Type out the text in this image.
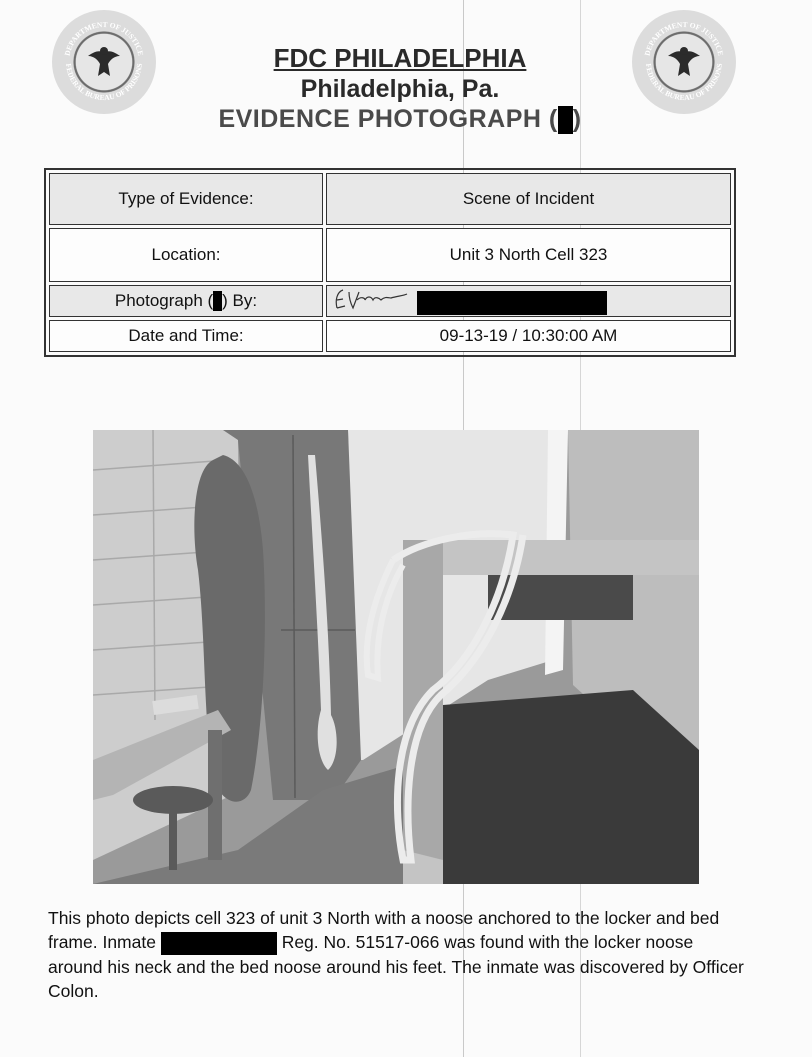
DEPARTMENT OF JUSTICE
FEDERAL BUREAU OF PRISONS
DEPARTMENT OF JUSTICE
FEDERAL BUREAU OF PRISONS
FDC PHILADELPHIA
Philadelphia, Pa.
EVIDENCE PHOTOGRAPH ( )
Type of Evidence:	Scene of Incident
Location:	Unit 3 North Cell 323
Photograph ( ) By:	

Date and Time:	09-13-19 / 10:30:00 AM
This photo depicts cell 323 of unit 3 North with a noose anchored to the locker and bed frame. Inmate	Reg. No. 51517-066 was found with the locker noose around his neck and the bed noose around his feet. The inmate was discovered by Officer Colon.
